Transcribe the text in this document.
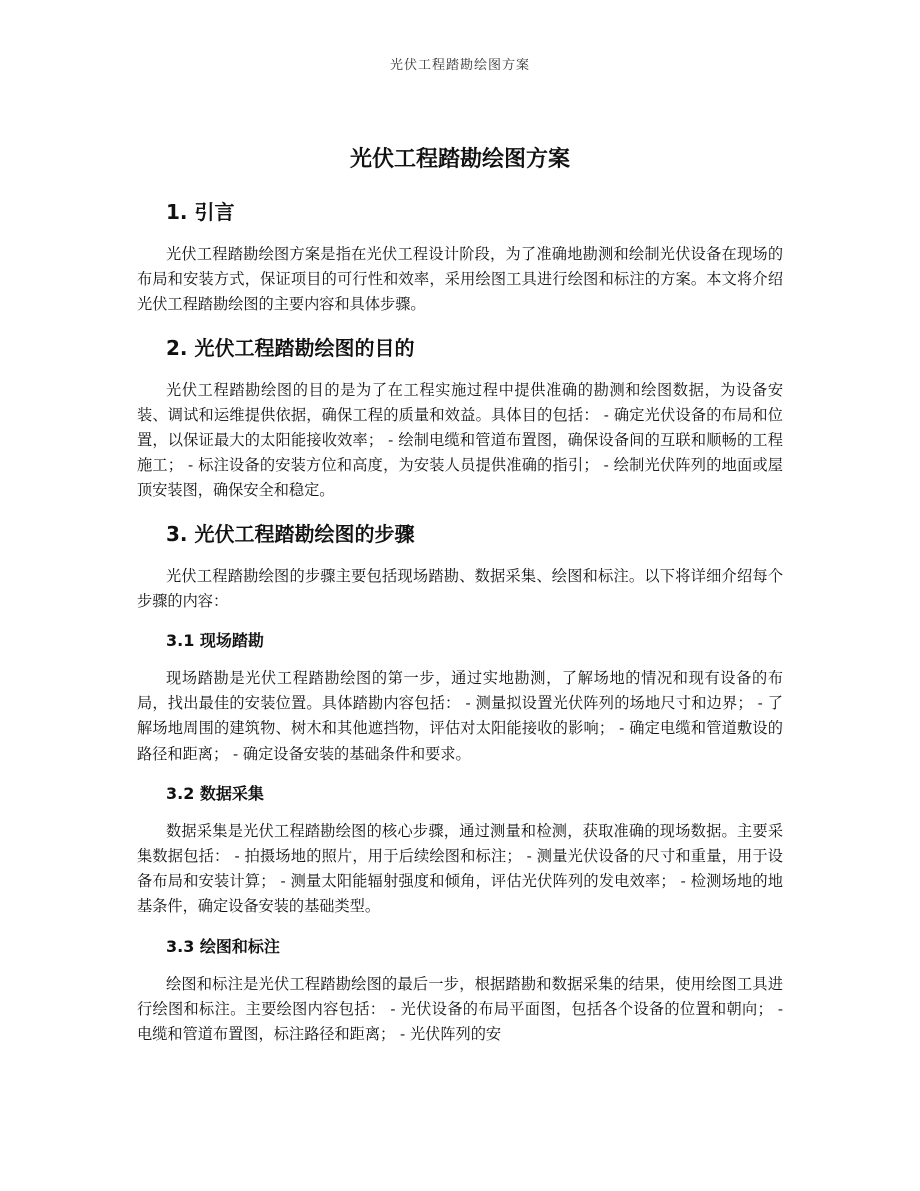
光伏工程踏勘绘图方案
光伏工程踏勘绘图方案
1. 引言

光伏工程踏勘绘图方案是指在光伏工程设计阶段，为了准确地勘测和绘制光伏设备在现场的布局和安装方式，保证项目的可行性和效率，采用绘图工具进行绘图和标注的方案。本文将介绍光伏工程踏勘绘图的主要内容和具体步骤。

2. 光伏工程踏勘绘图的目的

光伏工程踏勘绘图的目的是为了在工程实施过程中提供准确的勘测和绘图数据，为设备安装、调试和运维提供依据，确保工程的质量和效益。具体目的包括： - 确定光伏设备的布局和位置，以保证最大的太阳能接收效率； - 绘制电缆和管道布置图，确保设备间的互联和顺畅的工程施工； - 标注设备的安装方位和高度，为安装人员提供准确的指引； - 绘制光伏阵列的地面或屋顶安装图，确保安全和稳定。

3. 光伏工程踏勘绘图的步骤

光伏工程踏勘绘图的步骤主要包括现场踏勘、数据采集、绘图和标注。以下将详细介绍每个步骤的内容：

3.1 现场踏勘

现场踏勘是光伏工程踏勘绘图的第一步，通过实地勘测，了解场地的情况和现有设备的布局，找出最佳的安装位置。具体踏勘内容包括： - 测量拟设置光伏阵列的场地尺寸和边界； - 了解场地周围的建筑物、树木和其他遮挡物，评估对太阳能接收的影响； - 确定电缆和管道敷设的路径和距离； - 确定设备安装的基础条件和要求。

3.2 数据采集

数据采集是光伏工程踏勘绘图的核心步骤，通过测量和检测，获取准确的现场数据。主要采集数据包括： - 拍摄场地的照片，用于后续绘图和标注； - 测量光伏设备的尺寸和重量，用于设备布局和安装计算； - 测量太阳能辐射强度和倾角，评估光伏阵列的发电效率； - 检测场地的地基条件，确定设备安装的基础类型。

3.3 绘图和标注

绘图和标注是光伏工程踏勘绘图的最后一步，根据踏勘和数据采集的结果，使用绘图工具进行绘图和标注。主要绘图内容包括： - 光伏设备的布局平面图，包括各个设备的位置和朝向； - 电缆和管道布置图，标注路径和距离； - 光伏阵列的安
